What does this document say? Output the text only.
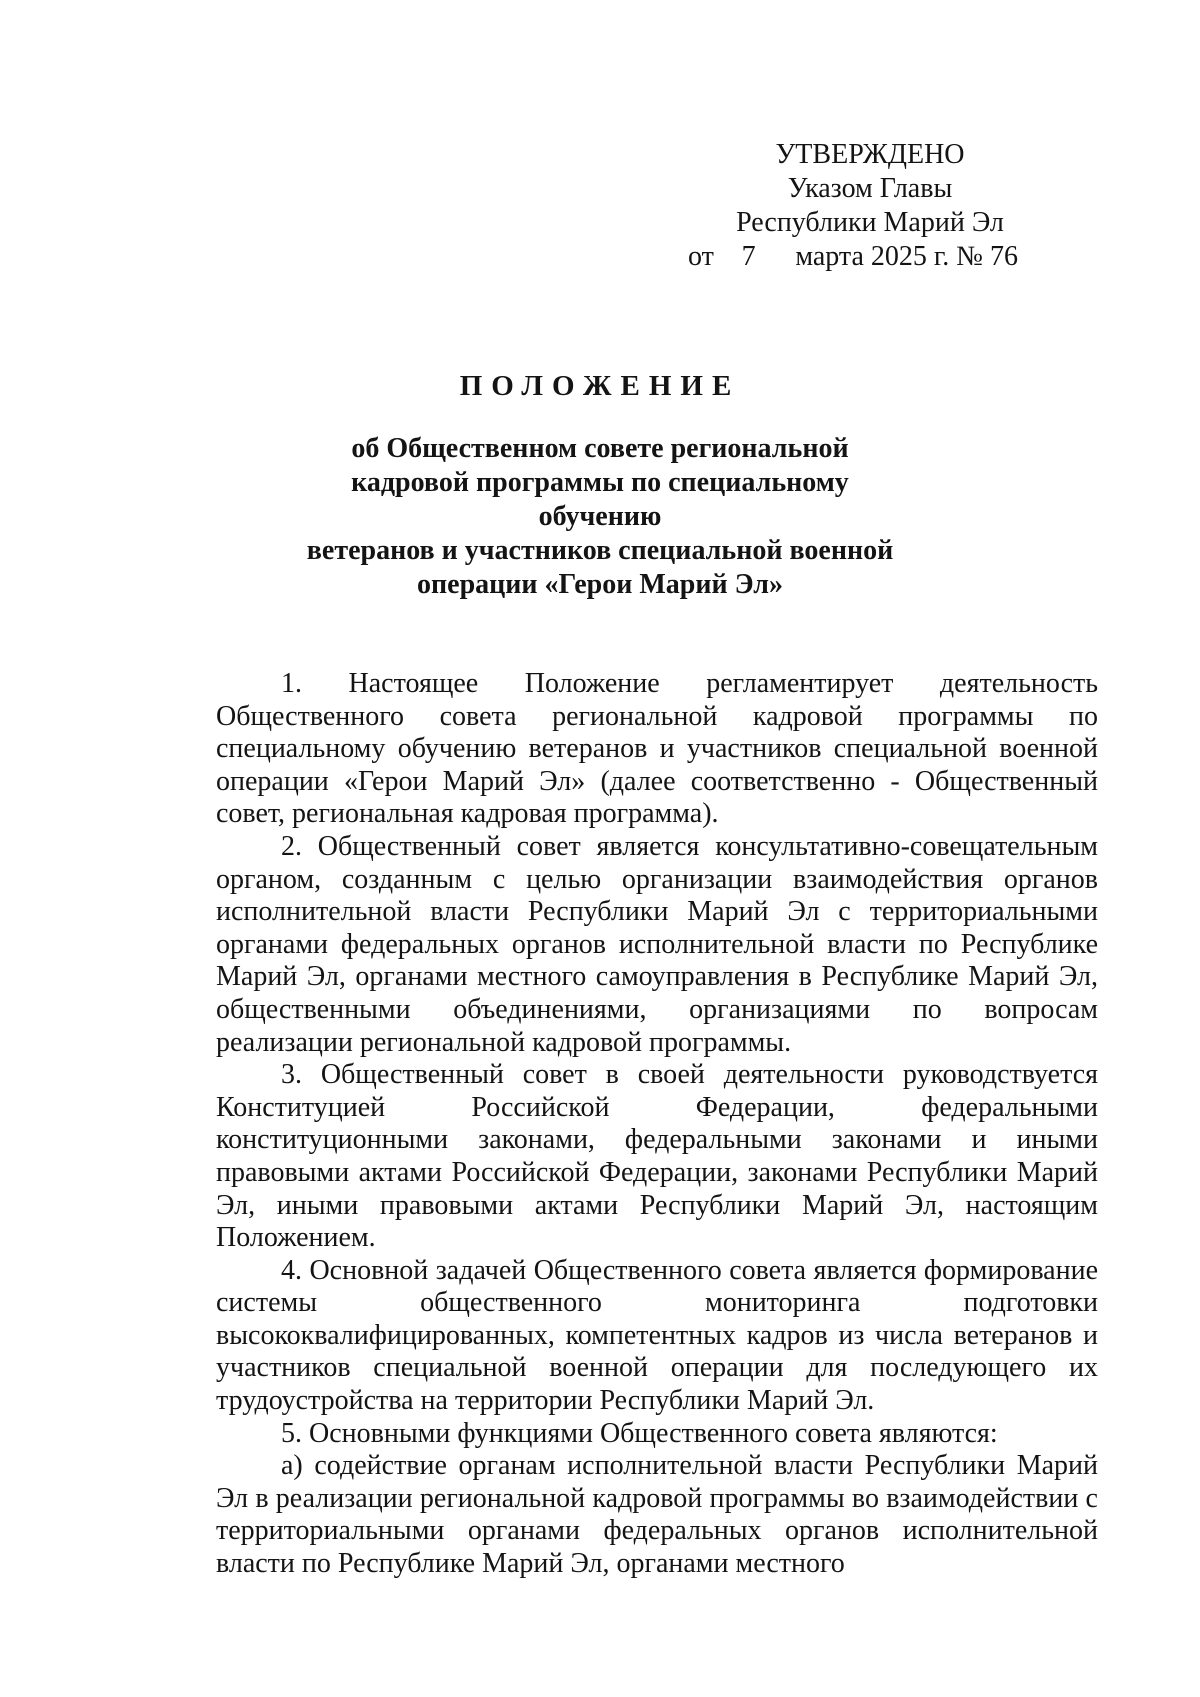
УТВЕРЖДЕНО
Указом Главы
Республики Марий Эл
от 7 марта 2025 г. № 76
ПОЛОЖЕНИЕ
об Общественном совете региональной
кадровой программы по специальному обучению
ветеранов и участников специальной военной
операции «Герои Марий Эл»

1. Настоящее Положение регламентирует деятельность Общественного совета региональной кадровой программы по специальному обучению ветеранов и участников специальной военной операции «Герои Марий Эл» (далее соответственно - Общественный совет, региональная кадровая программа).

2. Общественный совет является консультативно-совещательным органом, созданным с целью организации взаимодействия органов исполнительной власти Республики Марий Эл с территориальными органами федеральных органов исполнительной власти по Республике Марий Эл, органами местного самоуправления в Республике Марий Эл, общественными объединениями, организациями по вопросам реализации региональной кадровой программы.

3. Общественный совет в своей деятельности руководствуется Конституцией Российской Федерации, федеральными конституционными законами, федеральными законами и иными правовыми актами Российской Федерации, законами Республики Марий Эл, иными правовыми актами Республики Марий Эл, настоящим Положением.

4. Основной задачей Общественного совета является формирование системы общественного мониторинга подготовки высококвалифицированных, компетентных кадров из числа ветеранов и участников специальной военной операции для последующего их трудоустройства на территории Республики Марий Эл.

5. Основными функциями Общественного совета являются:

а) содействие органам исполнительной власти Республики Марий Эл в реализации региональной кадровой программы во взаимодействии с территориальными органами федеральных органов исполнительной власти по Республике Марий Эл, органами местного
